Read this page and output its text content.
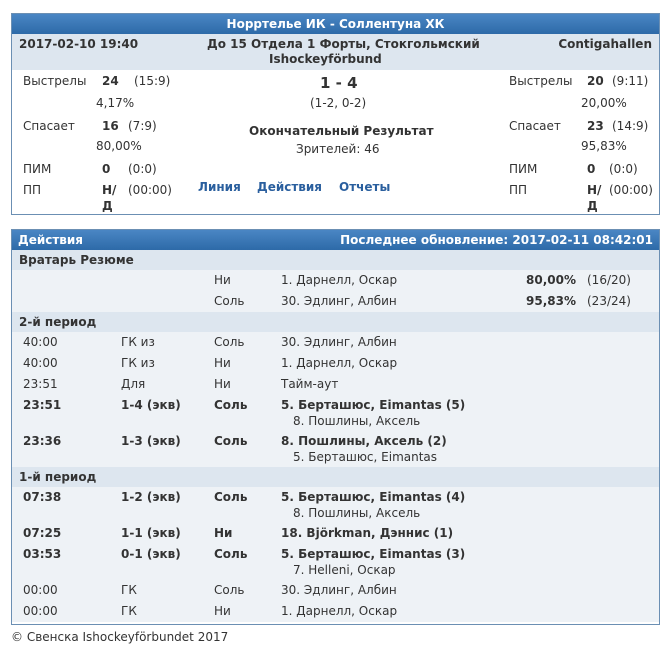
Норртелье ИК - Соллентуна ХК
2017-02-10 19:40	До 15 Отдела 1 Форты, Стокгольмский
Ishockeyförbund
Contigahallen
Выстрелы 24 (15:9)
4,17%
Спасает 16 (7:9)
80,00%
ПИМ	0 (0:0)
ПП	Н/
Д
(00:00)
1 - 4
(1-2, 0-2)
Окончательный Результат
Зрителей: 46
Линия Действия Отчеты
Выстрелы 20 (9:11)
20,00%
Спасает 23 (14:9)
95,83%
ПИМ	0 (0:0)
ПП	Н/
Д
(00:00)
Действия	Последнее обновление: 2017-02-11 08:42:01
Вратарь Резюме
Ни	1. Дарнелл, Оскар	80,00% (16/20)
Соль	30. Эдлинг, Албин	95,83% (23/24)
2-й период
40:00	ГК из	Соль	30. Эдлинг, Албин
40:00	ГК из	Ни	1. Дарнелл, Оскар
23:51	Для	Ни	Тайм-аут
23:51	1-4 (экв)	Соль	5. Берташюс, Eimantas (5)
8. Пошлины, Аксель
23:36	1-3 (экв)	Соль	8. Пошлины, Аксель (2)
5. Берташюс, Eimantas
1-й период
07:38	1-2 (экв)	Соль	5. Берташюс, Eimantas (4)
8. Пошлины, Аксель
07:25	1-1 (экв)	Ни	18. Björkman, Дэннис (1)
03:53	0-1 (экв)	Соль	5. Берташюс, Eimantas (3)
7. Helleni, Оскар
00:00	ГК	Соль	30. Эдлинг, Албин
00:00	ГК	Ни	1. Дарнелл, Оскар
© Свенска Ishockeyförbundet 2017
